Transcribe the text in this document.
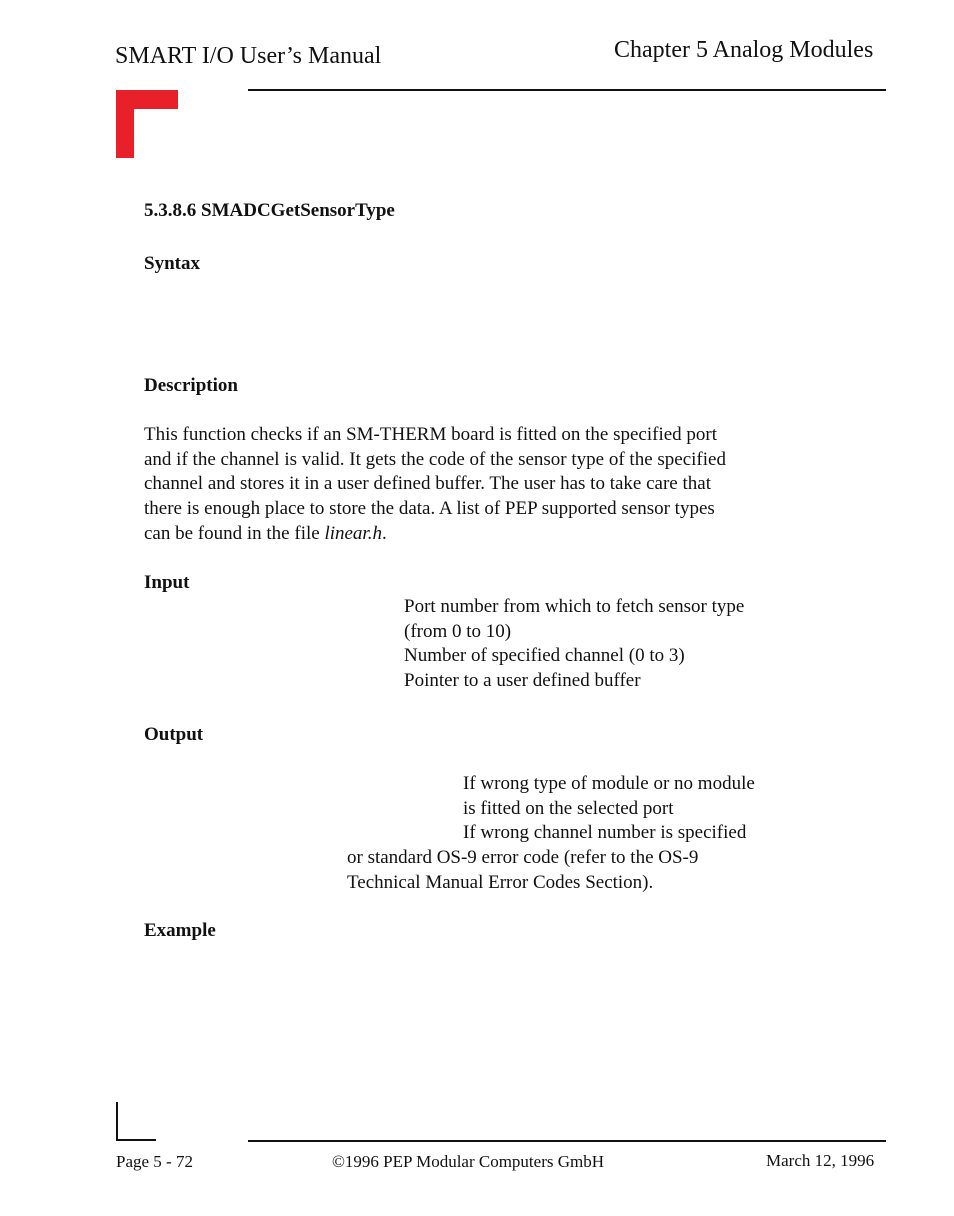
SMART I/O User’s Manual	Chapter 5 Analog Modules
5.3.8.6 SMADCGetSensorType
Syntax
Description
This function checks if an SM-THERM board is fitted on the specified port
and if the channel is valid. It gets the code of the sensor type of the specified
channel and stores it in a user defined buffer. The user has to take care that
there is enough place to store the data. A list of PEP supported sensor types
can be found in the file linear.h.
Input
Port number from which to fetch sensor type
(from 0 to 10)
Number of specified channel (0 to 3)
Pointer to a user defined buffer
Output
If wrong type of module or no module
is fitted on the selected port
If wrong channel number is specified
or standard OS-9 error code (refer to the OS-9
Technical Manual Error Codes Section).
Example
Page 5 - 72	©1996 PEP Modular Computers GmbH	March 12, 1996
